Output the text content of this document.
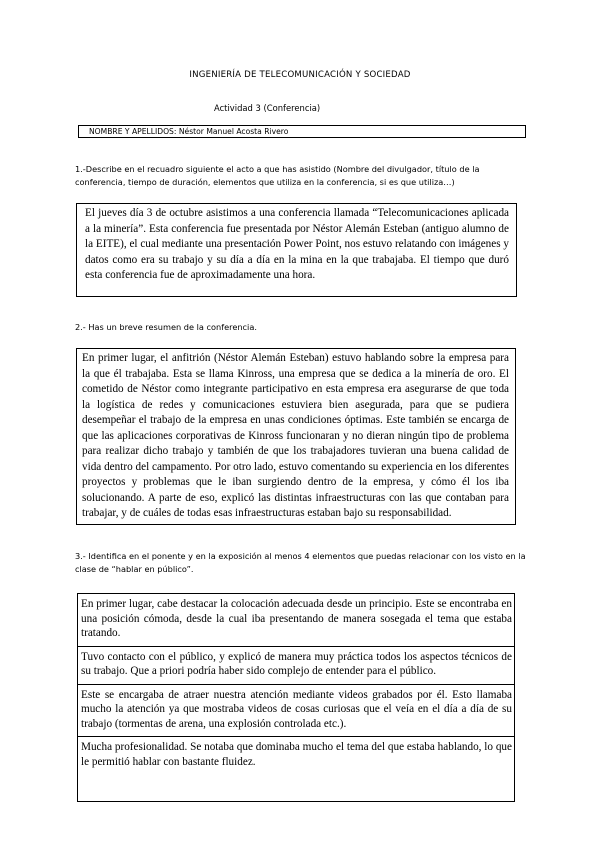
INGENIERÍA DE TELECOMUNICACIÓN Y SOCIEDAD
Actividad 3 (Conferencia)
NOMBRE Y APELLIDOS: Néstor Manuel Acosta Rivero
1.-Describe en el recuadro siguiente el acto a que has asistido (Nombre del divulgador, título de la conferencia, tiempo de duración, elementos que utiliza en la conferencia, si es que utiliza…)
El jueves día 3 de octubre asistimos a una conferencia llamada “Telecomunicaciones aplicada a la minería”. Esta conferencia fue presentada por Néstor Alemán Esteban (antiguo alumno de la EITE), el cual mediante una presentación Power Point, nos estuvo relatando con imágenes y datos como era su trabajo y su día a día en la mina en la que trabajaba. El tiempo que duró esta conferencia fue de aproximadamente una hora.
2.- Has un breve resumen de la conferencia.
En primer lugar, el anfitrión (Néstor Alemán Esteban) estuvo hablando sobre la empresa para la que él trabajaba. Esta se llama Kinross, una empresa que se dedica a la minería de oro. El cometido de Néstor como integrante participativo en esta empresa era asegurarse de que toda la logística de redes y comunicaciones estuviera bien asegurada, para que se pudiera desempeñar el trabajo de la empresa en unas condiciones óptimas. Este también se encarga de que las aplicaciones corporativas de Kinross funcionaran y no dieran ningún tipo de problema para realizar dicho trabajo y también de que los trabajadores tuvieran una buena calidad de vida dentro del campamento. Por otro lado, estuvo comentando su experiencia en los diferentes proyectos y problemas que le iban surgiendo dentro de la empresa, y cómo él los iba solucionando. A parte de eso, explicó las distintas infraestructuras con las que contaban para trabajar, y de cuáles de todas esas infraestructuras estaban bajo su responsabilidad.
3.- Identifica en el ponente y en la exposición al menos 4 elementos que puedas relacionar con los visto en la clase de “hablar en público”.
En primer lugar, cabe destacar la colocación adecuada desde un principio. Este se encontraba en una posición cómoda, desde la cual iba presentando de manera sosegada el tema que estaba tratando.
Tuvo contacto con el público, y explicó de manera muy práctica todos los aspectos técnicos de su trabajo. Que a priori podría haber sido complejo de entender para el público.
Este se encargaba de atraer nuestra atención mediante videos grabados por él. Esto llamaba mucho la atención ya que mostraba videos de cosas curiosas que el veía en el día a día de su trabajo (tormentas de arena, una explosión controlada etc.).
Mucha profesionalidad. Se notaba que dominaba mucho el tema del que estaba hablando, lo que le permitió hablar con bastante fluidez.
